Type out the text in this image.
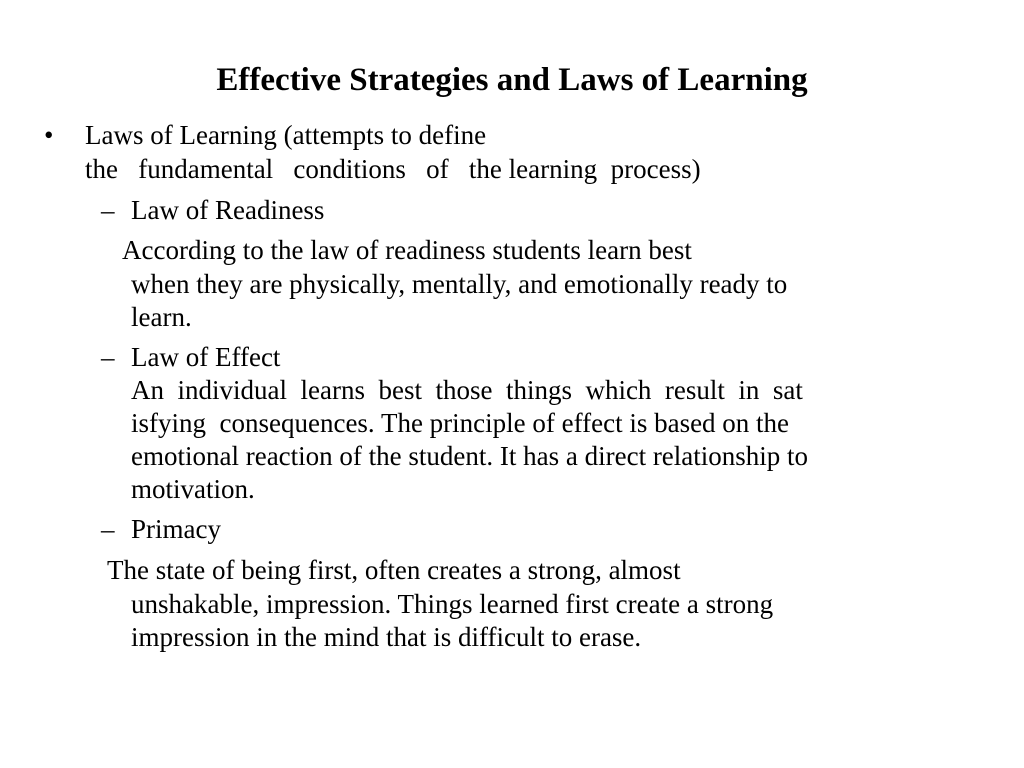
Effective Strategies and Laws of Learning
• Laws of Learning (attempts to define
the   fundamental   conditions   of   the learning  process)
– Law of Readiness
According to the law of readiness students learn best
when they are physically, mentally, and emotionally ready to
learn.
– Law of Effect
An  individual  learns  best  those  things  which  result  in  sat
isfying  consequences. The principle of effect is based on the
emotional reaction of the student. It has a direct relationship to
motivation.
– Primacy
The state of being first, often creates a strong, almost
unshakable, impression. Things learned first create a strong
impression in the mind that is difficult to erase.
